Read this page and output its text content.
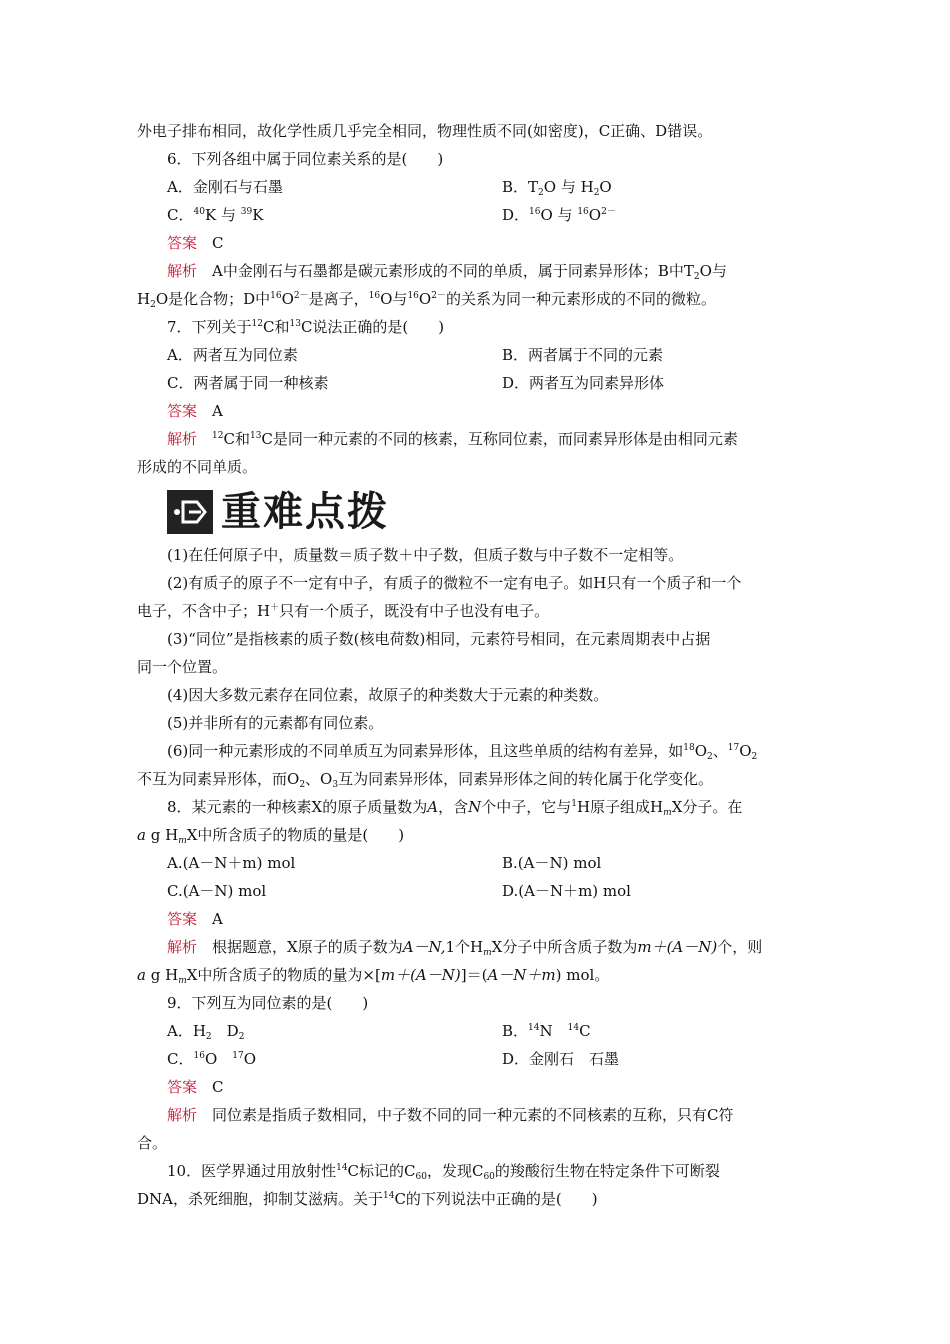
外电子排布相同，故化学性质几乎完全相同，物理性质不同(如密度)，C正确、D错误。
6．下列各组中属于同位素关系的是(　　)
A．金刚石与石墨	B．$T_2O$ 与 $H_2O$
C．$^{40}$K 与 $^{39}$K	D．$^{16}$O 与 $^{16}O^{2-}$
答案　 C
解析　 A中金刚石与石墨都是碳元素形成的不同的单质，属于同素异形体；B中$T_2O$与
$H_2O$是化合物；D中$^{16}O^{2-}$是离子，$^{16}$O与$^{16}O^{2-}$的关系为同一种元素形成的不同的微粒。
7．下列关于$^{12}$C和$^{13}$C说法正确的是(　　)
A．两者互为同位素	B．两者属于不同的元素
C．两者属于同一种核素	D．两者互为同素异形体
答案　 A
解析　 $^{12}$C和$^{13}$C是同一种元素的不同的核素，互称同位素，而同素异形体是由相同元素
形成的不同单质。
重难点拨
(1)在任何原子中，质量数＝质子数＋中子数，但质子数与中子数不一定相等。
(2)有质子的原子不一定有中子，有质子的微粒不一定有电子。如H只有一个质子和一个
电子，不含中子；H＋只有一个质子，既没有中子也没有电子。
(3)“同位”是指核素的质子数(核电荷数)相同，元素符号相同，在元素周期表中占据
同一个位置。
(4)因大多数元素存在同位素，故原子的种类数大于元素的种类数。
(5)并非所有的元素都有同位素。
(6)同一种元素形成的不同单质互为同素异形体，且这些单质的结构有差异，如$^{18}O_2$、$^{17}O_2$
不互为同素异形体，而$O_2$、$O_3$互为同素异形体，同素异形体之间的转化属于化学变化。
8．某元素的一种核素X的原子质量数为A，含N个中子，它与$^1$H原子组成$H_mX$分子。在
a g $H_mX$中所含质子的物质的量是(　　)
A.(A－N＋m) mol	B.(A－N) mol
C.(A－N) mol	D.(A－N＋m) mol
答案　 A
解析　 根据题意，X原子的质子数为A－N,1个$H_mX$分子中所含质子数为m＋(A－N)个，则
a g $H_mX$中所含质子的物质的量为×[m＋(A－N)]＝(A－N＋m) mol。
9．下列互为同位素的是(　　)
A．$H_2$　$D_2$	B．$^{14}$N　$^{14}$C
C．$^{16}$O　$^{17}$O	D．金刚石　石墨
答案　 C
解析　 同位素是指质子数相同，中子数不同的同一种元素的不同核素的互称，只有C符
合。
10．医学界通过用放射性$^{14}$C标记的$C_{60}$，发现$C_{60}$的羧酸衍生物在特定条件下可断裂
DNA，杀死细胞，抑制艾滋病。关于$^{14}$C的下列说法中正确的是(　　)
